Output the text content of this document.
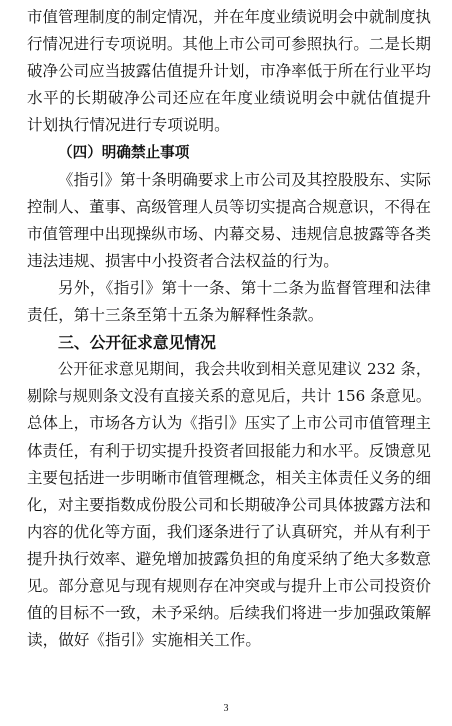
市值管理制度的制定情况，并在年度业绩说明会中就制度执
行情况进行专项说明。其他上市公司可参照执行。二是长期
破净公司应当披露估值提升计划，市净率低于所在行业平均
水平的长期破净公司还应在年度业绩说明会中就估值提升
计划执行情况进行专项说明。
（四）明确禁止事项
《指引》第十条明确要求上市公司及其控股股东、实际
控制人、董事、高级管理人员等切实提高合规意识，不得在
市值管理中出现操纵市场、内幕交易、违规信息披露等各类
违法违规、损害中小投资者合法权益的行为。
另外，《指引》第十一条、第十二条为监督管理和法律
责任，第十三条至第十五条为解释性条款。
三、公开征求意见情况
公开征求意见期间，我会共收到相关意见建议 232 条，
剔除与规则条文没有直接关系的意见后，共计 156 条意见。
总体上，市场各方认为《指引》压实了上市公司市值管理主
体责任，有利于切实提升投资者回报能力和水平。反馈意见
主要包括进一步明晰市值管理概念，相关主体责任义务的细
化，对主要指数成份股公司和长期破净公司具体披露方法和
内容的优化等方面，我们逐条进行了认真研究，并从有利于
提升执行效率、避免增加披露负担的角度采纳了绝大多数意
见。部分意见与现有规则存在冲突或与提升上市公司投资价
值的目标不一致，未予采纳。后续我们将进一步加强政策解
读，做好《指引》实施相关工作。
3
